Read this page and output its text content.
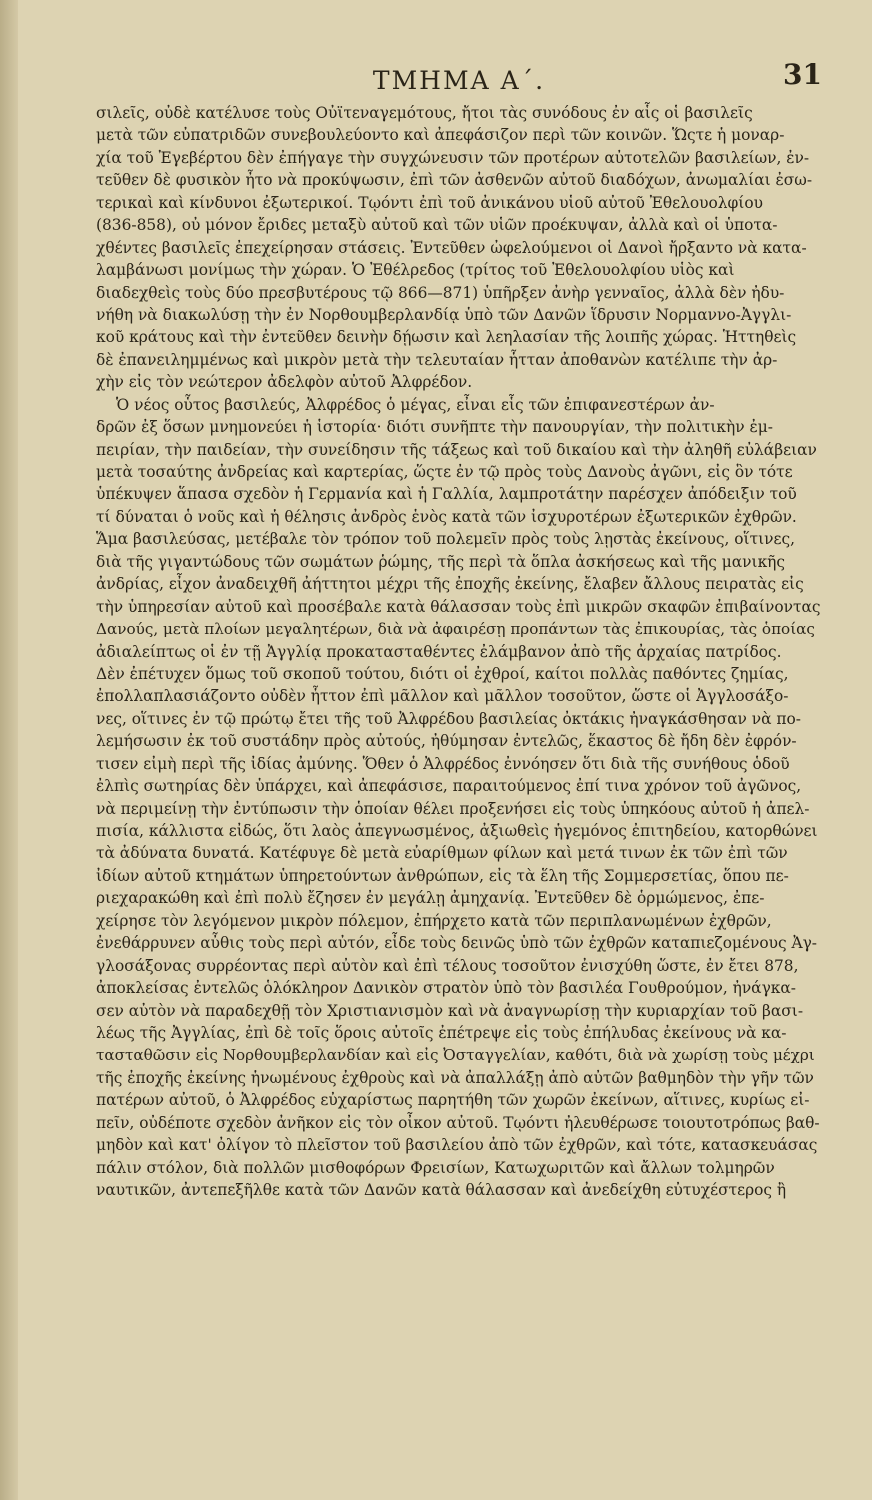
ΤΜΗΜΑ Α΄.	31
σιλεῖς, οὐδὲ κατέλυσε τοὺς Οὐϊτεναγεμότους, ἤτοι τὰς συνόδους ἐν αἷς οἱ βασιλεῖς
μετὰ τῶν εὐπατριδῶν συνεβουλεύοντο καὶ ἀπεφάσιζον περὶ τῶν κοινῶν. Ὥςτε ἡ μοναρ-
χία τοῦ Ἐγεβέρτου δὲν ἐπήγαγε τὴν συγχώνευσιν τῶν προτέρων αὐτοτελῶν βασιλείων, ἐν-
τεῦθεν δὲ φυσικὸν ἦτο νὰ προκύψωσιν, ἐπὶ τῶν ἀσθενῶν αὐτοῦ διαδόχων, ἀνωμαλίαι ἐσω-
τερικαὶ καὶ κίνδυνοι ἐξωτερικοί. Τῳόντι ἐπὶ τοῦ ἀνικάνου υἱοῦ αὐτοῦ Ἐθελουολφίου
(836-858), οὐ μόνον ἔριδες μεταξὺ αὐτοῦ καὶ τῶν υἱῶν προέκυψαν, ἀλλὰ καὶ οἱ ὑποτα-
χθέντες βασιλεῖς ἐπεχείρησαν στάσεις. Ἐντεῦθεν ὠφελούμενοι οἱ Δανοὶ ἤρξαντο νὰ κατα-
λαμβάνωσι μονίμως τὴν χώραν. Ὁ Ἐθέλρεδος (τρίτος τοῦ Ἐθελουολφίου υἱὸς καὶ
διαδεχθεὶς τοὺς δύο πρεσβυτέρους τῷ 866—871) ὑπῆρξεν ἀνὴρ γενναῖος, ἀλλὰ δὲν ἠδυ-
νήθη νὰ διακωλύσῃ τὴν ἐν Νορθουμβερλανδίᾳ ὑπὸ τῶν Δανῶν ἵδρυσιν Νορμαννο-Ἀγγλι-
κοῦ κράτους καὶ τὴν ἐντεῦθεν δεινὴν δῄωσιν καὶ λεηλασίαν τῆς λοιπῆς χώρας. Ἡττηθεὶς
δὲ ἐπανειλημμένως καὶ μικρὸν μετὰ τὴν τελευταίαν ἧτταν ἀποθανὼν κατέλιπε τὴν ἀρ-
χὴν εἰς τὸν νεώτερον ἀδελφὸν αὐτοῦ Ἀλφρέδον.
Ὁ νέος οὗτος βασιλεύς, Ἀλφρέδος ὁ μέγας, εἶναι εἷς τῶν ἐπιφανεστέρων ἀν-
δρῶν ἐξ ὅσων μνημονεύει ἡ ἱστορία· διότι συνῆπτε τὴν πανουργίαν, τὴν πολιτικὴν ἐμ-
πειρίαν, τὴν παιδείαν, τὴν συνείδησιν τῆς τάξεως καὶ τοῦ δικαίου καὶ τὴν ἀληθῆ εὐλάβειαν
μετὰ τοσαύτης ἀνδρείας καὶ καρτερίας, ὥςτε ἐν τῷ πρὸς τοὺς Δανοὺς ἀγῶνι, εἰς ὃν τότε
ὑπέκυψεν ἅπασα σχεδὸν ἡ Γερμανία καὶ ἡ Γαλλία, λαμπροτάτην παρέσχεν ἀπόδειξιν τοῦ
τί δύναται ὁ νοῦς καὶ ἡ θέλησις ἀνδρὸς ἑνὸς κατὰ τῶν ἰσχυροτέρων ἐξωτερικῶν ἐχθρῶν.
Ἅμα βασιλεύσας, μετέβαλε τὸν τρόπον τοῦ πολεμεῖν πρὸς τοὺς λῃστὰς ἐκείνους, οἵτινες,
διὰ τῆς γιγαντώδους τῶν σωμάτων ῥώμης, τῆς περὶ τὰ ὅπλα ἀσκήσεως καὶ τῆς μανικῆς
ἀνδρίας, εἶχον ἀναδειχθῆ ἀήττητοι μέχρι τῆς ἐποχῆς ἐκείνης, ἔλαβεν ἄλλους πειρατὰς εἰς
τὴν ὑπηρεσίαν αὐτοῦ καὶ προσέβαλε κατὰ θάλασσαν τοὺς ἐπὶ μικρῶν σκαφῶν ἐπιβαίνοντας
Δανούς, μετὰ πλοίων μεγαλητέρων, διὰ νὰ ἀφαιρέσῃ προπάντων τὰς ἐπικουρίας, τὰς ὁποίας
ἀδιαλείπτως οἱ ἐν τῇ Ἀγγλίᾳ προκατασταθέντες ἐλάμβανον ἀπὸ τῆς ἀρχαίας πατρίδος.
Δὲν ἐπέτυχεν ὅμως τοῦ σκοποῦ τούτου, διότι οἱ ἐχθροί, καίτοι πολλὰς παθόντες ζημίας,
ἐπολλαπλασιάζοντο οὐδὲν ἧττον ἐπὶ μᾶλλον καὶ μᾶλλον τοσοῦτον, ὥστε οἱ Ἀγγλοσάξο-
νες, οἵτινες ἐν τῷ πρώτῳ ἔτει τῆς τοῦ Ἀλφρέδου βασιλείας ὀκτάκις ἠναγκάσθησαν νὰ πο-
λεμήσωσιν ἐκ τοῦ συστάδην πρὸς αὐτούς, ἠθύμησαν ἐντελῶς, ἕκαστος δὲ ἤδη δὲν ἐφρόν-
τισεν εἰμὴ περὶ τῆς ἰδίας ἀμύνης. Ὅθεν ὁ Ἀλφρέδος ἐννόησεν ὅτι διὰ τῆς συνήθους ὁδοῦ
ἐλπὶς σωτηρίας δὲν ὑπάρχει, καὶ ἀπεφάσισε, παραιτούμενος ἐπί τινα χρόνον τοῦ ἀγῶνος,
νὰ περιμείνῃ τὴν ἐντύπωσιν τὴν ὁποίαν θέλει προξενήσει εἰς τοὺς ὑπηκόους αὐτοῦ ἡ ἀπελ-
πισία, κάλλιστα εἰδώς, ὅτι λαὸς ἀπεγνωσμένος, ἀξιωθεὶς ἡγεμόνος ἐπιτηδείου, κατορθώνει
τὰ ἀδύνατα δυνατά. Κατέφυγε δὲ μετὰ εὐαρίθμων φίλων καὶ μετά τινων ἐκ τῶν ἐπὶ τῶν
ἰδίων αὐτοῦ κτημάτων ὑπηρετούντων ἀνθρώπων, εἰς τὰ ἕλη τῆς Σομμερσετίας, ὅπου πε-
ριεχαρακώθη καὶ ἐπὶ πολὺ ἔζησεν ἐν μεγάλῃ ἀμηχανίᾳ. Ἐντεῦθεν δὲ ὁρμώμενος, ἐπε-
χείρησε τὸν λεγόμενον μικρὸν πόλεμον, ἐπήρχετο κατὰ τῶν περιπλανωμένων ἐχθρῶν,
ἐνεθάρρυνεν αὖθις τοὺς περὶ αὐτόν, εἶδε τοὺς δεινῶς ὑπὸ τῶν ἐχθρῶν καταπιεζομένους Ἀγ-
γλοσάξονας συρρέοντας περὶ αὐτὸν καὶ ἐπὶ τέλους τοσοῦτον ἐνισχύθη ὥστε, ἐν ἔτει 878,
ἀποκλείσας ἐντελῶς ὁλόκληρον Δανικὸν στρατὸν ὑπὸ τὸν βασιλέα Γουθρούμον, ἠνάγκα-
σεν αὐτὸν νὰ παραδεχθῇ τὸν Χριστιανισμὸν καὶ νὰ ἀναγνωρίσῃ τὴν κυριαρχίαν τοῦ βασι-
λέως τῆς Ἀγγλίας, ἐπὶ δὲ τοῖς ὅροις αὐτοῖς ἐπέτρεψε εἰς τοὺς ἐπήλυδας ἐκείνους νὰ κα-
τασταθῶσιν εἰς Νορθουμβερλανδίαν καὶ εἰς Ὀσταγγελίαν, καθότι, διὰ νὰ χωρίσῃ τοὺς μέχρι
τῆς ἐποχῆς ἐκείνης ἡνωμένους ἐχθροὺς καὶ νὰ ἀπαλλάξῃ ἀπὸ αὐτῶν βαθμηδὸν τὴν γῆν τῶν
πατέρων αὐτοῦ, ὁ Ἀλφρέδος εὐχαρίστως παρητήθη τῶν χωρῶν ἐκείνων, αἵτινες, κυρίως εἰ-
πεῖν, οὐδέποτε σχεδὸν ἀνῆκον εἰς τὸν οἶκον αὐτοῦ. Τῳόντι ἠλευθέρωσε τοιουτοτρόπως βαθ-
μηδὸν καὶ κατ' ὀλίγον τὸ πλεῖστον τοῦ βασιλείου ἀπὸ τῶν ἐχθρῶν, καὶ τότε, κατασκευάσας
πάλιν στόλον, διὰ πολλῶν μισθοφόρων Φρεισίων, Κατωχωριτῶν καὶ ἄλλων τολμηρῶν
ναυτικῶν, ἀντεπεξῆλθε κατὰ τῶν Δανῶν κατὰ θάλασσαν καὶ ἀνεδείχθη εὐτυχέστερος ἢ
